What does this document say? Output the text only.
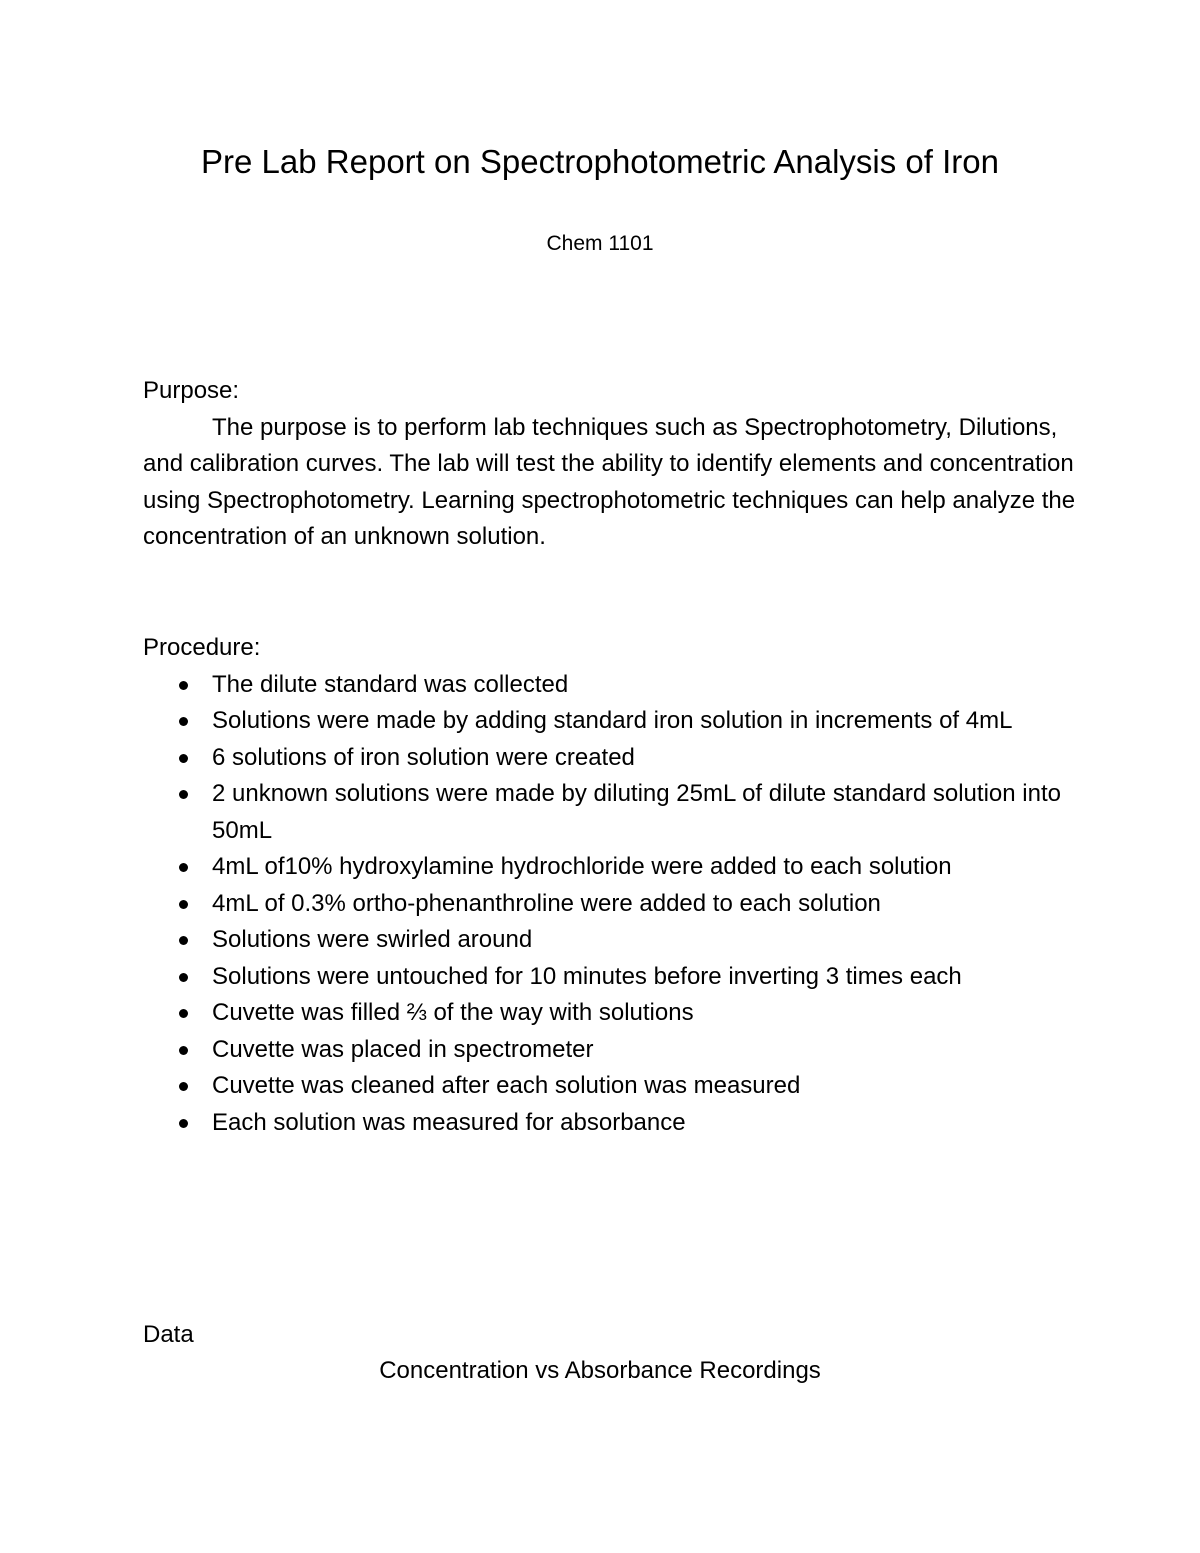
Pre Lab Report on Spectrophotometric Analysis of Iron

Chem 1101

Purpose:

The purpose is to perform lab techniques such as Spectrophotometry, Dilutions, and calibration curves. The lab will test the ability to identify elements and concentration using Spectrophotometry. Learning spectrophotometric techniques can help analyze the concentration of an unknown solution.

Procedure:
The dilute standard was collected
Solutions were made by adding standard iron solution in increments of 4mL
6 solutions of iron solution were created
2 unknown solutions were made by diluting 25mL of dilute standard solution into 50mL
4mL of10% hydroxylamine hydrochloride were added to each solution
4mL of 0.3% ortho-phenanthroline were added to each solution
Solutions were swirled around
Solutions were untouched for 10 minutes before inverting 3 times each
Cuvette was filled ⅔ of the way with solutions
Cuvette was placed in spectrometer
Cuvette was cleaned after each solution was measured
Each solution was measured for absorbance
Data

Concentration vs Absorbance Recordings
